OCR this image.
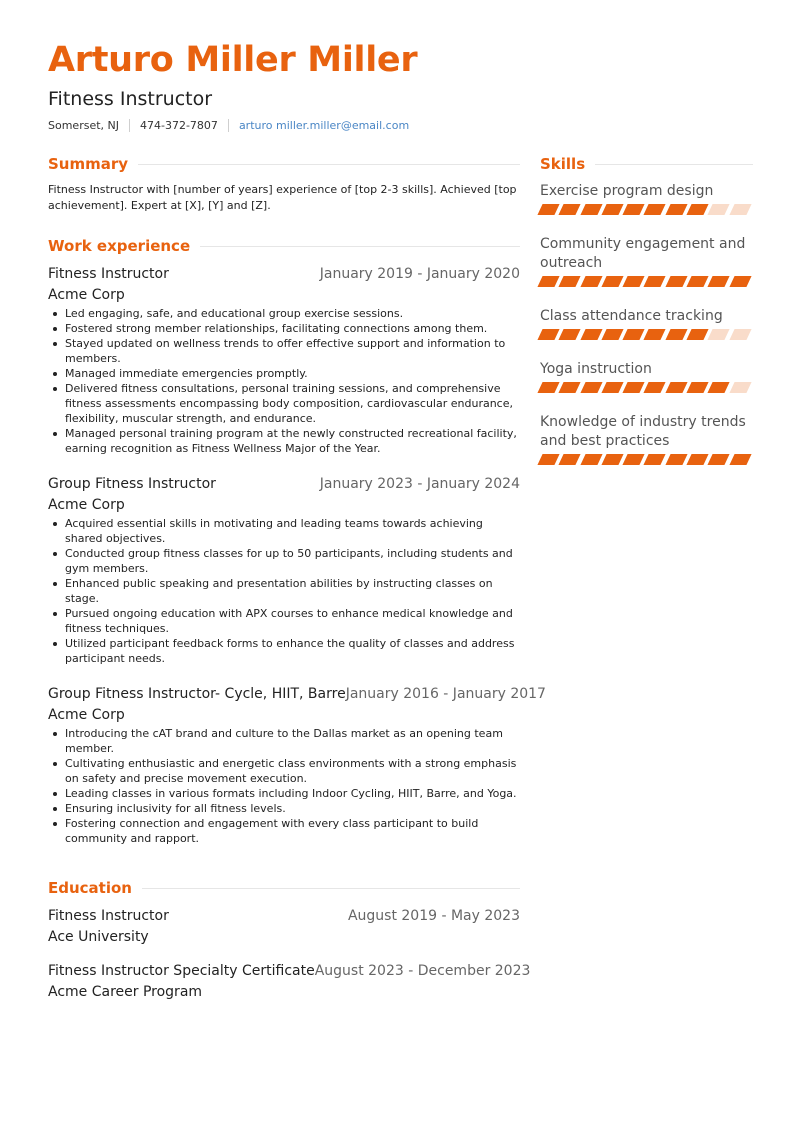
Arturo Miller Miller
Fitness Instructor
Somerset, NJ 474-372-7807 arturo miller.miller@email.com
Summary

Fitness Instructor with [number of years] experience of [top 2-3 skills]. Achieved [top achievement]. Expert at [X], [Y] and [Z].

Work experience
Fitness Instructor	January 2019 - January 2020
Acme Corp
Led engaging, safe, and educational group exercise sessions.
Fostered strong member relationships, facilitating connections among them.
Stayed updated on wellness trends to offer effective support and information to members.
Managed immediate emergencies promptly.
Delivered fitness consultations, personal training sessions, and comprehensive fitness assessments encompassing body composition, cardiovascular endurance, flexibility, muscular strength, and endurance.
Managed personal training program at the newly constructed recreational facility, earning recognition as Fitness Wellness Major of the Year.
Group Fitness Instructor	January 2023 - January 2024
Acme Corp
Acquired essential skills in motivating and leading teams towards achieving shared objectives.
Conducted group fitness classes for up to 50 participants, including students and gym members.
Enhanced public speaking and presentation abilities by instructing classes on stage.
Pursued ongoing education with APX courses to enhance medical knowledge and fitness techniques.
Utilized participant feedback forms to enhance the quality of classes and address participant needs.
Group Fitness Instructor- Cycle, HIIT, Barre January 2016 - January 2017
Acme Corp
Introducing the cAT brand and culture to the Dallas market as an opening team member.
Cultivating enthusiastic and energetic class environments with a strong emphasis on safety and precise movement execution.
Leading classes in various formats including Indoor Cycling, HIIT, Barre, and Yoga.
Ensuring inclusivity for all fitness levels.
Fostering connection and engagement with every class participant to build community and rapport.
Education
Fitness Instructor	August 2019 - May 2023
Ace University
Fitness Instructor Specialty Certificate August 2023 - December 2023
Acme Career Program
Skills
Exercise program design
Community engagement and outreach
Class attendance tracking
Yoga instruction
Knowledge of industry trends and best practices
